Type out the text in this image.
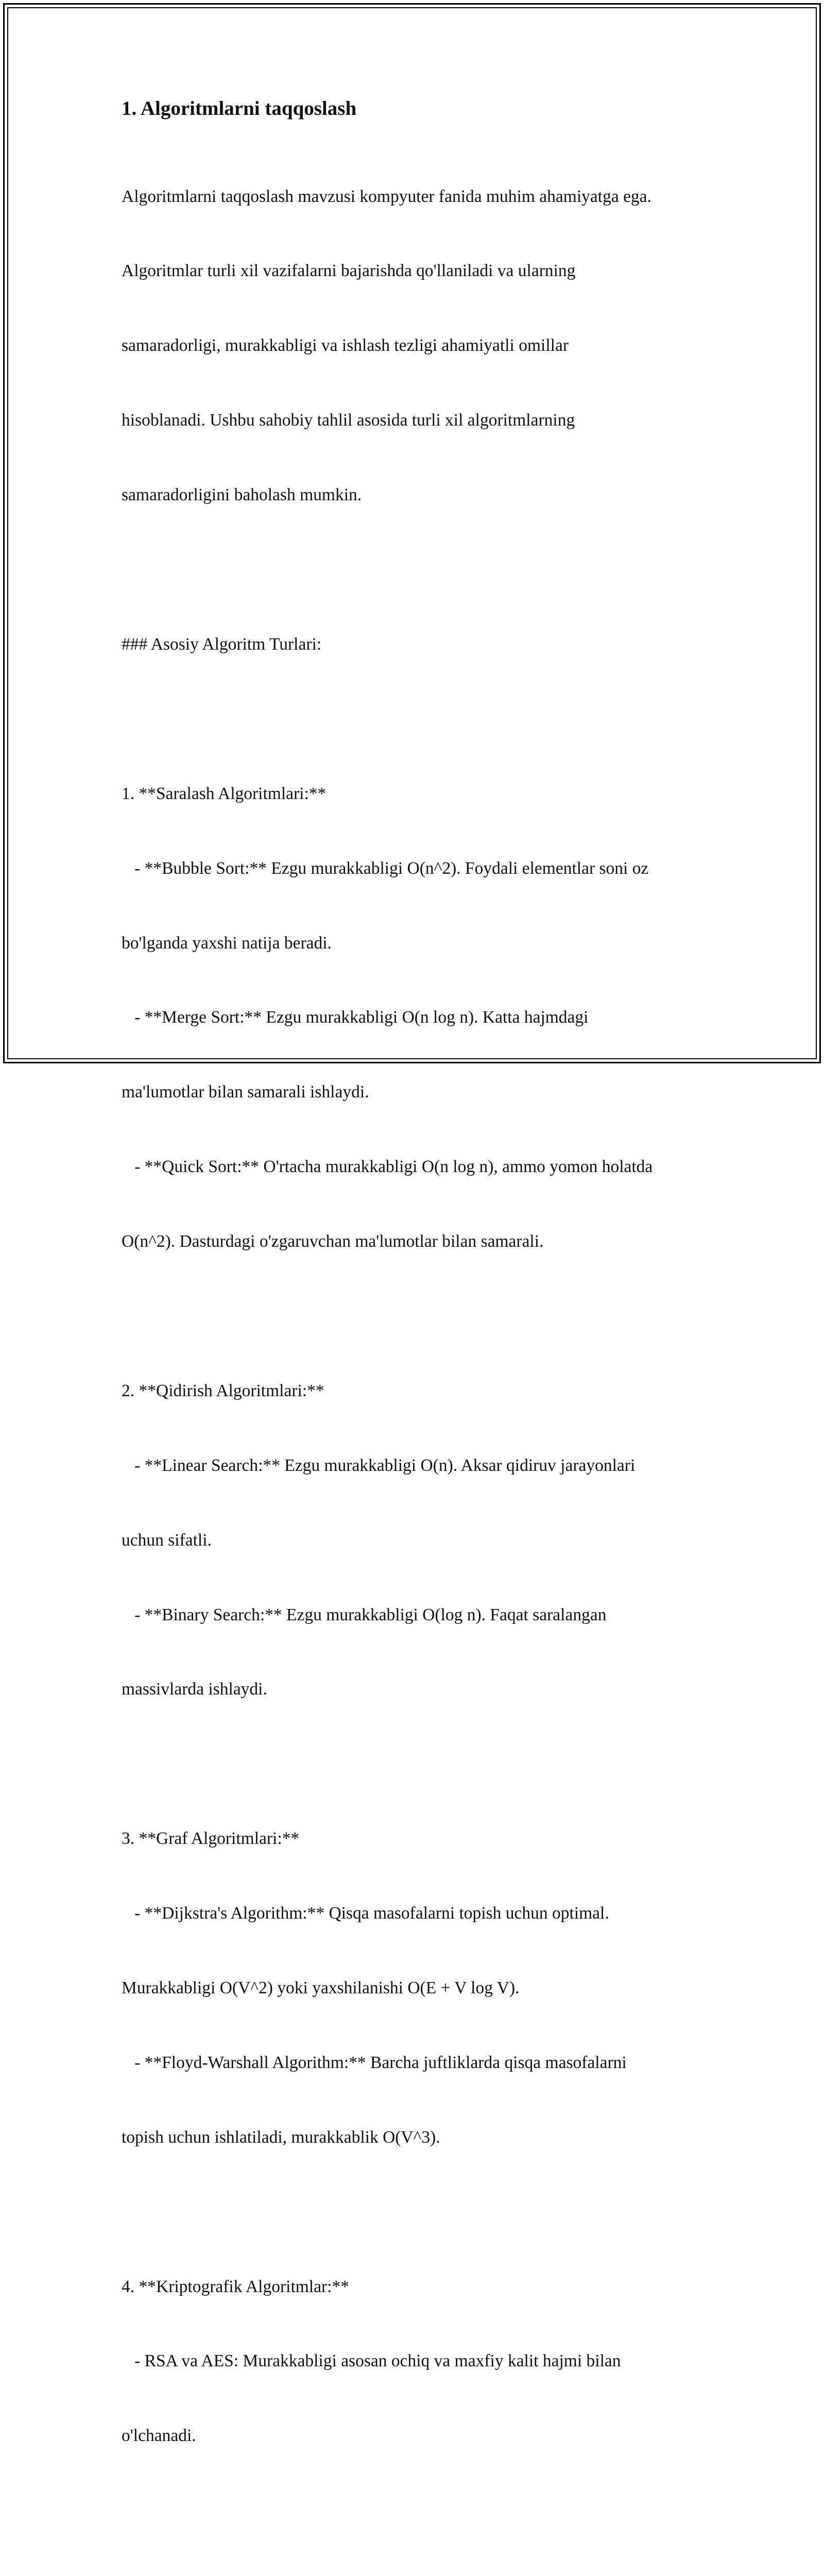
1. Algoritmlarni taqqoslash

Algoritmlarni taqqoslash mavzusi kompyuter fanida muhim ahamiyatga ega.

Algoritmlar turli xil vazifalarni bajarishda qo'llaniladi va ularning

samaradorligi, murakkabligi va ishlash tezligi ahamiyatli omillar

hisoblanadi. Ushbu sahobiy tahlil asosida turli xil algoritmlarning

samaradorligini baholash mumkin.

### Asosiy Algoritm Turlari:

1. **Saralash Algoritmlari:**

- **Bubble Sort:** Ezgu murakkabligi O(n^2). Foydali elementlar soni oz

bo'lganda yaxshi natija beradi.

- **Merge Sort:** Ezgu murakkabligi O(n log n). Katta hajmdagi

ma'lumotlar bilan samarali ishlaydi.

- **Quick Sort:** O'rtacha murakkabligi O(n log n), ammo yomon holatda

O(n^2). Dasturdagi o'zgaruvchan ma'lumotlar bilan samarali.

2. **Qidirish Algoritmlari:**

- **Linear Search:** Ezgu murakkabligi O(n). Aksar qidiruv jarayonlari

uchun sifatli.

- **Binary Search:** Ezgu murakkabligi O(log n). Faqat saralangan

massivlarda ishlaydi.

3. **Graf Algoritmlari:**

- **Dijkstra's Algorithm:** Qisqa masofalarni topish uchun optimal.

Murakkabligi O(V^2) yoki yaxshilanishi O(E + V log V).

- **Floyd-Warshall Algorithm:** Barcha juftliklarda qisqa masofalarni

topish uchun ishlatiladi, murakkablik O(V^3).

4. **Kriptografik Algoritmlar:**

- RSA va AES: Murakkabligi asosan ochiq va maxfiy kalit hajmi bilan

o'lchanadi.
